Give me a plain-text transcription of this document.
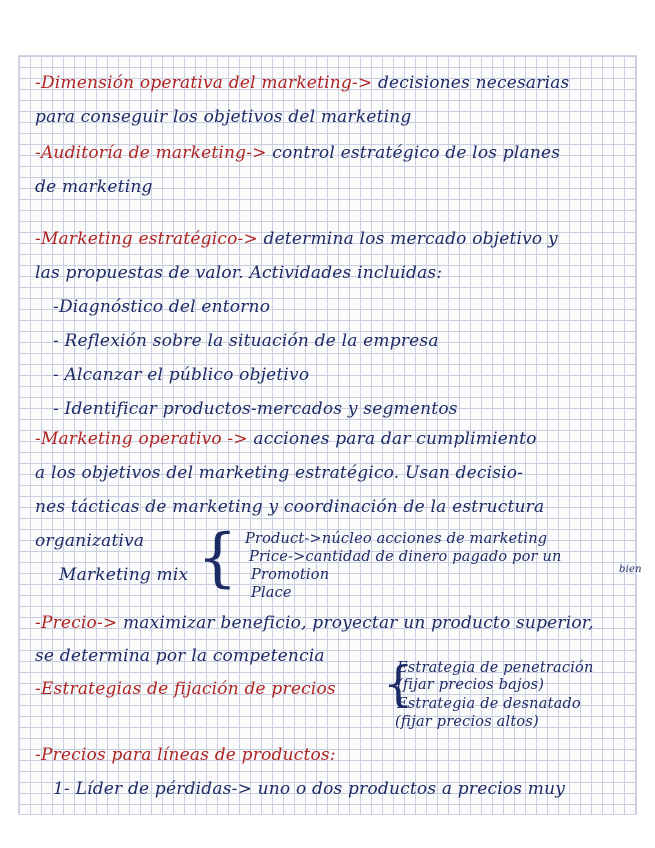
-Dimensión operativa del marketing-> decisiones necesarias
para conseguir los objetivos del marketing
-Auditoría de marketing-> control estratégico de los planes
de marketing
-Marketing estratégico-> determina los mercado objetivo y
las propuestas de valor. Actividades incluidas:
-Diagnóstico del entorno
- Reflexión sobre la situación de la empresa
- Alcanzar el público objetivo
- Identificar productos-mercados y segmentos
-Marketing operativo -> acciones para dar cumplimiento
a los objetivos del marketing estratégico. Usan decisio-
nes tácticas de marketing y coordinación de la estructura
organizativa
Marketing mix { Product->núcleo acciones de marketing
Price->cantidad de dinero pagado por un
bien
Promotion
Place
-Precio-> maximizar beneficio, proyectar un producto superior,
se determina por la competencia
-Estrategias de fijación de precios {
Estrategia de penetración
(fijar precios bajos)
Estrategia de desnatado
(fijar precios altos)
-Precios para líneas de productos:
1- Líder de pérdidas-> uno o dos productos a precios muy
